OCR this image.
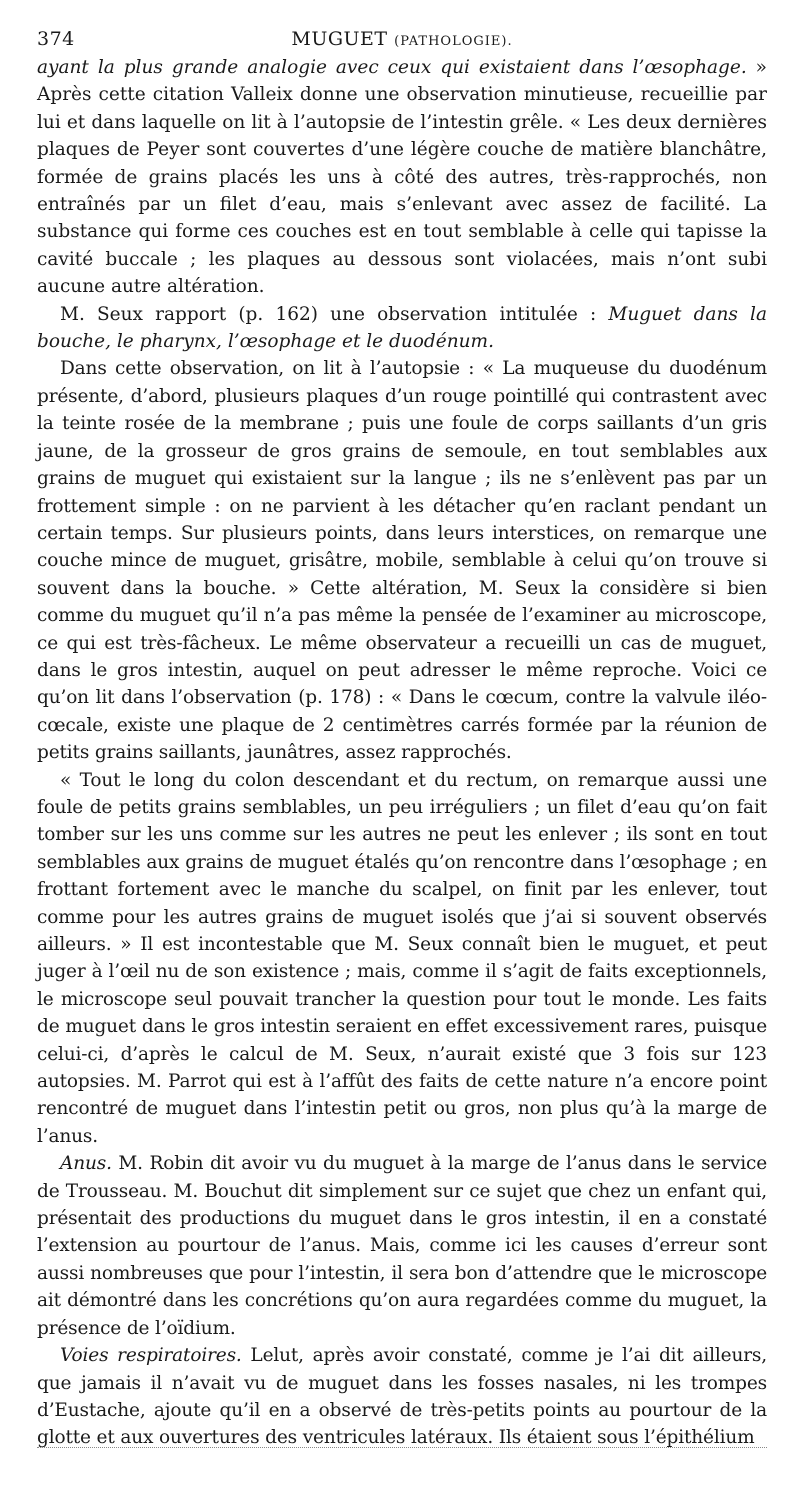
374	MUGUET (PATHOLOGIE).

ayant la plus grande analogie avec ceux qui existaient dans l’œsophage. » Après cette citation Valleix donne une observation minutieuse, recueillie par lui et dans laquelle on lit à l’autopsie de l’intestin grêle. « Les deux dernières plaques de Peyer sont couvertes d’une légère couche de matière blanchâtre, formée de grains placés les uns à côté des autres, très-rapprochés, non entraînés par un filet d’eau, mais s’enlevant avec assez de facilité. La substance qui forme ces couches est en tout semblable à celle qui tapisse la cavité buccale ; les plaques au dessous sont violacées, mais n’ont subi aucune autre altération.

M. Seux rapport (p. 162) une observation intitulée : Muguet dans la bouche, le pharynx, l’œsophage et le duodénum.

Dans cette observation, on lit à l’autopsie : « La muqueuse du duodénum présente, d’abord, plusieurs plaques d’un rouge pointillé qui contrastent avec la teinte rosée de la membrane ; puis une foule de corps saillants d’un gris jaune, de la grosseur de gros grains de semoule, en tout semblables aux grains de muguet qui existaient sur la langue ; ils ne s’enlèvent pas par un frottement simple : on ne parvient à les détacher qu’en raclant pendant un certain temps. Sur plusieurs points, dans leurs interstices, on remarque une couche mince de muguet, grisâtre, mobile, semblable à celui qu’on trouve si souvent dans la bouche. » Cette altération, M. Seux la considère si bien comme du muguet qu’il n’a pas même la pensée de l’examiner au microscope, ce qui est très-fâcheux. Le même observateur a recueilli un cas de muguet, dans le gros intestin, auquel on peut adresser le même reproche. Voici ce qu’on lit dans l’observation (p. 178) : « Dans le cœcum, contre la valvule iléo-cœcale, existe une plaque de 2 centimètres carrés formée par la réunion de petits grains saillants, jaunâtres, assez rapprochés.

« Tout le long du colon descendant et du rectum, on remarque aussi une foule de petits grains semblables, un peu irréguliers ; un filet d’eau qu’on fait tomber sur les uns comme sur les autres ne peut les enlever ; ils sont en tout semblables aux grains de muguet étalés qu’on rencontre dans l’œsophage ; en frottant fortement avec le manche du scalpel, on finit par les enlever, tout comme pour les autres grains de muguet isolés que j’ai si souvent observés ailleurs. » Il est incontestable que M. Seux connaît bien le muguet, et peut juger à l’œil nu de son existence ; mais, comme il s’agit de faits exceptionnels, le microscope seul pouvait trancher la question pour tout le monde. Les faits de muguet dans le gros intestin seraient en effet excessivement rares, puisque celui-ci, d’après le calcul de M. Seux, n’aurait existé que 3 fois sur 123 autopsies. M. Parrot qui est à l’affût des faits de cette nature n’a encore point rencontré de muguet dans l’intestin petit ou gros, non plus qu’à la marge de l’anus.

Anus. M. Robin dit avoir vu du muguet à la marge de l’anus dans le service de Trousseau. M. Bouchut dit simplement sur ce sujet que chez un enfant qui, présentait des productions du muguet dans le gros intestin, il en a constaté l’extension au pourtour de l’anus. Mais, comme ici les causes d’erreur sont aussi nombreuses que pour l’intestin, il sera bon d’attendre que le microscope ait démontré dans les concrétions qu’on aura regardées comme du muguet, la présence de l’oïdium.

Voies respiratoires. Lelut, après avoir constaté, comme je l’ai dit ailleurs, que jamais il n’avait vu de muguet dans les fosses nasales, ni les trompes d’Eustache, ajoute qu’il en a observé de très-petits points au pourtour de la glotte et aux ouvertures des ventricules latéraux. Ils étaient sous l’épithélium
